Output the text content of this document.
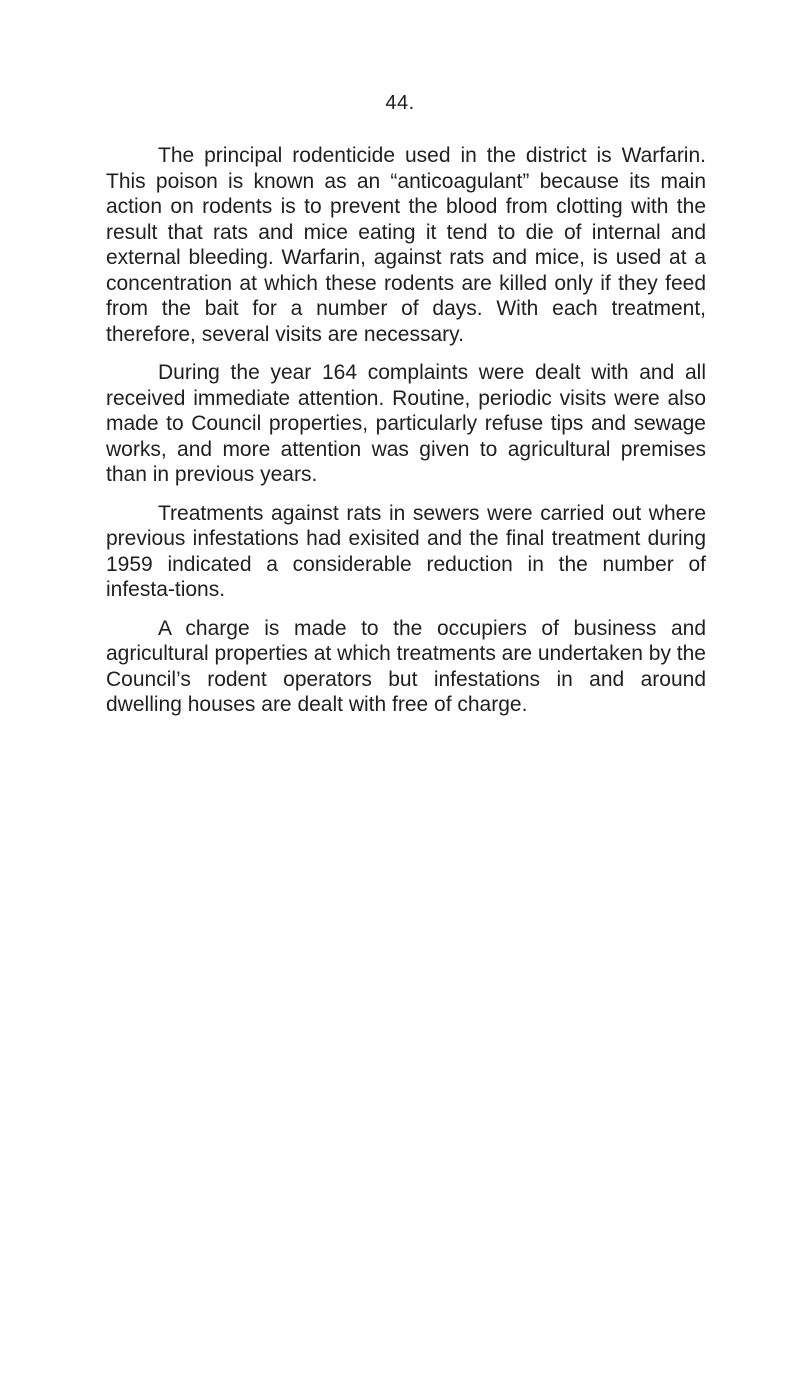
44.

The principal rodenticide used in the district is Warfarin. This poison is known as an “anticoagulant” because its main action on rodents is to prevent the blood from clotting with the result that rats and mice eating it tend to die of internal and external bleeding. Warfarin, against rats and mice, is used at a concentration at which these rodents are killed only if they feed from the bait for a number of days. With each treatment, therefore, several visits are necessary.

During the year 164 complaints were dealt with and all received immediate attention. Routine, periodic visits were also made to Council properties, particularly refuse tips and sewage works, and more attention was given to agricultural premises than in previous years.

Treatments against rats in sewers were carried out where previous infestations had exisited and the final treatment during 1959 indicated a considerable reduction in the number of infesta-tions.

A charge is made to the occupiers of business and agricultural properties at which treatments are undertaken by the Council’s rodent operators but infestations in and around dwelling houses are dealt with free of charge.
